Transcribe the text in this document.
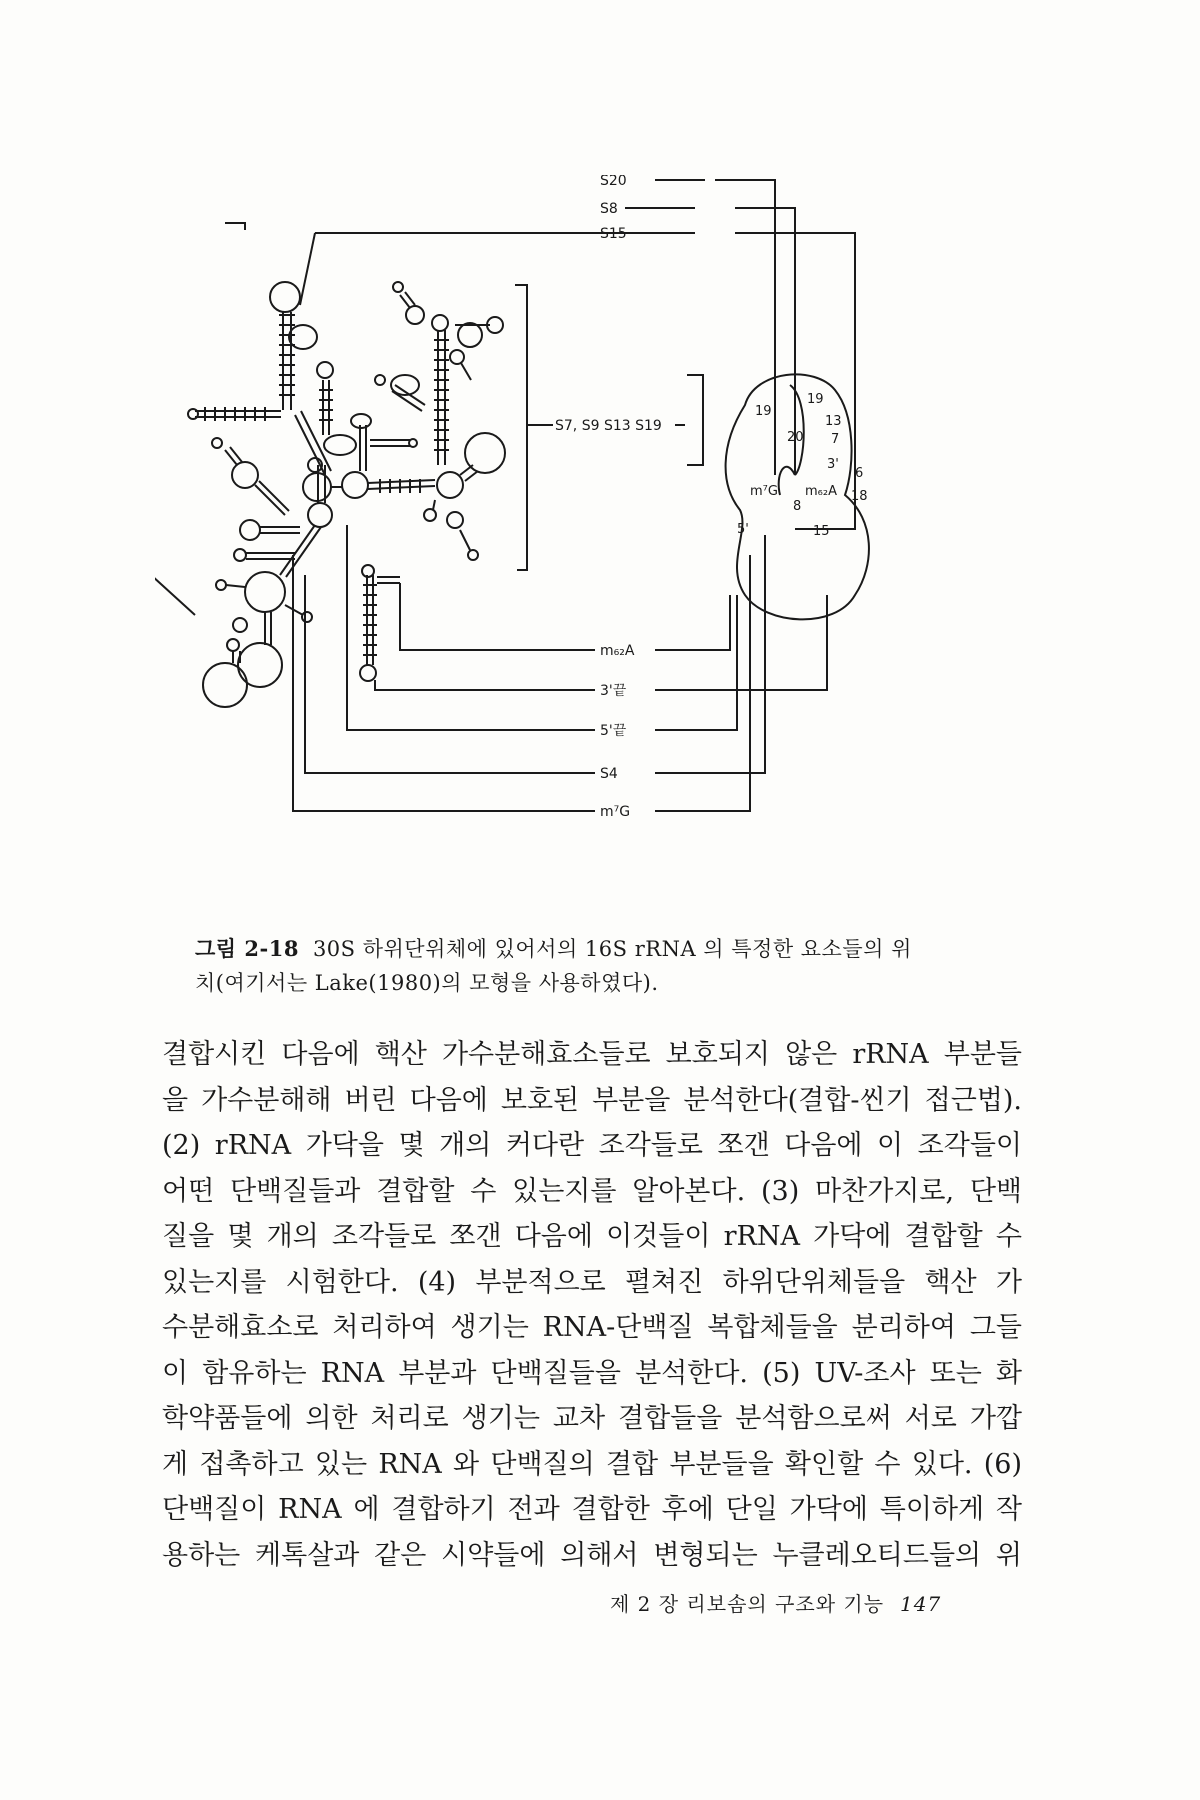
S20
S8
S15
S7, S9 S13 S19
m₆₂A
3'끝
5'끝
S4
m⁷G
19
19
13
20 7
3'
6
m⁷G m₆₂A 18
8
5'	15
그림 2-18 30S 하위단위체에 있어서의 16S rRNA 의 특정한 요소들의 위
치(여기서는 Lake(1980)의 모형을 사용하였다).
결합시킨 다음에 핵산 가수분해효소들로 보호되지 않은 rRNA 부분들
을 가수분해해 버린 다음에 보호된 부분을 분석한다(결합-씬기 접근법).
(2) rRNA 가닥을 몇 개의 커다란 조각들로 쪼갠 다음에 이 조각들이
어떤 단백질들과 결합할 수 있는지를 알아본다. (3) 마찬가지로, 단백
질을 몇 개의 조각들로 쪼갠 다음에 이것들이 rRNA 가닥에 결합할 수
있는지를 시험한다. (4) 부분적으로 펼쳐진 하위단위체들을 핵산 가
수분해효소로 처리하여 생기는 RNA-단백질 복합체들을 분리하여 그들
이 함유하는 RNA 부분과 단백질들을 분석한다. (5) UV-조사 또는 화
학약품들에 의한 처리로 생기는 교차 결합들을 분석함으로써 서로 가깝
게 접촉하고 있는 RNA 와 단백질의 결합 부분들을 확인할 수 있다. (6)
단백질이 RNA 에 결합하기 전과 결합한 후에 단일 가닥에 특이하게 작
용하는 케톡살과 같은 시약들에 의해서 변형되는 누클레오티드들의 위
제 2 장 리보솜의 구조와 기능 147
